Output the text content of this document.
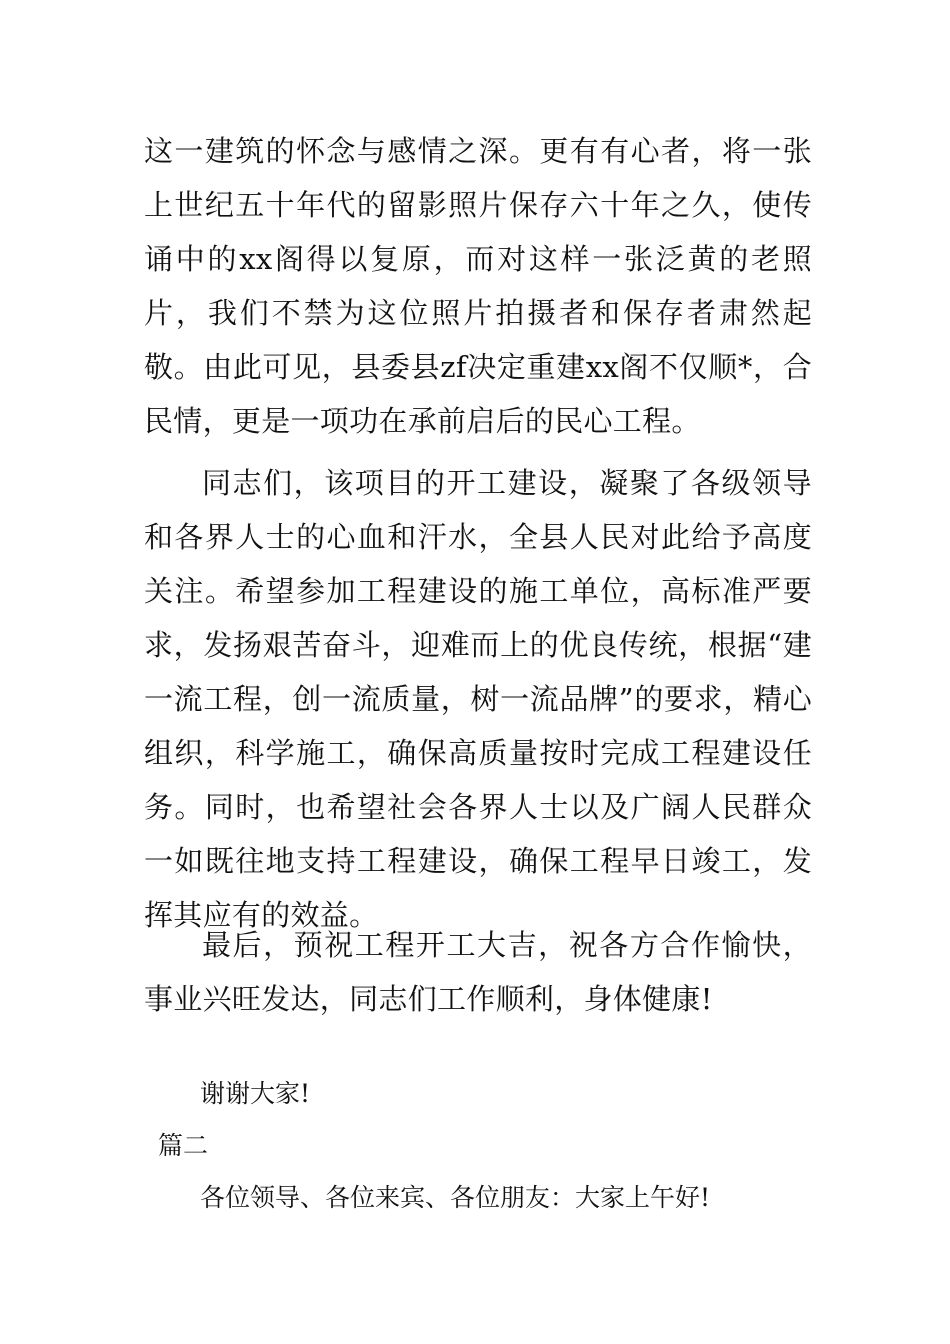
这一建筑的怀念与感情之深。更有有心者，将一张上世纪五十年代的留影照片保存六十年之久，使传诵中的xx阁得以复原，而对这样一张泛黄的老照片，我们不禁为这位照片拍摄者和保存者肃然起敬。由此可见，县委县zf决定重建xx阁不仅顺*，合民情，更是一项功在承前启后的民心工程。

同志们，该项目的开工建设，凝聚了各级领导和各界人士的心血和汗水，全县人民对此给予高度关注。希望参加工程建设的施工单位，高标准严要求，发扬艰苦奋斗，迎难而上的优良传统，根据“建一流工程，创一流质量，树一流品牌”的要求，精心组织，科学施工，确保高质量按时完成工程建设任务。同时，也希望社会各界人士以及广阔人民群众一如既往地支持工程建设，确保工程早日竣工，发挥其应有的效益。

最后，预祝工程开工大吉，祝各方合作愉快，事业兴旺发达，同志们工作顺利，身体健康!

谢谢大家!

篇二

各位领导、各位来宾、各位朋友：大家上午好!
